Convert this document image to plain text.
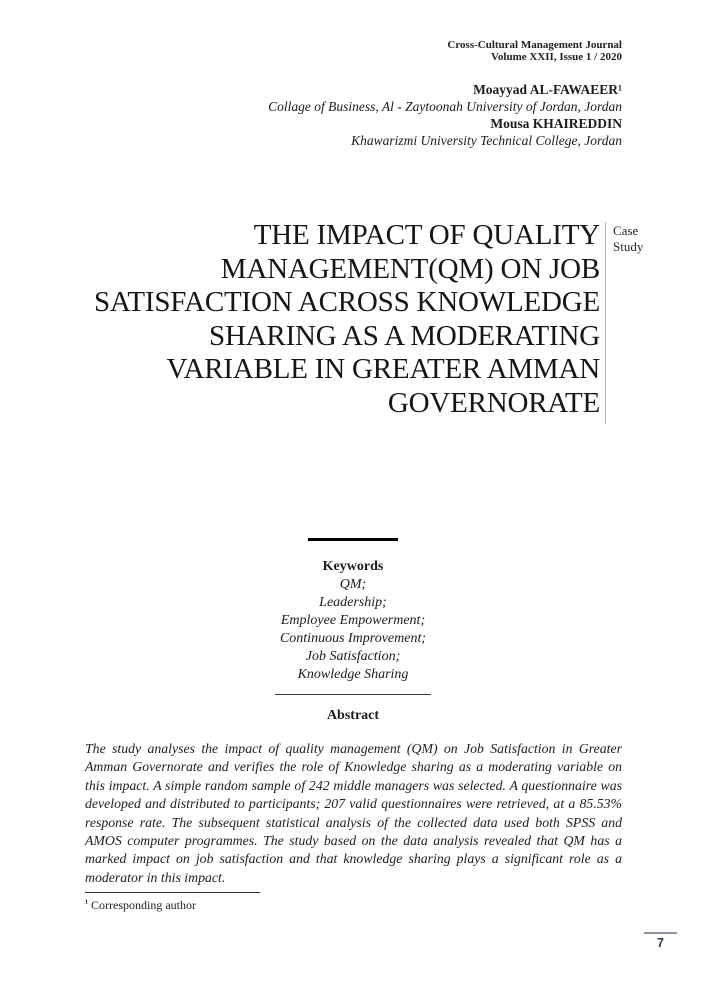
Cross-Cultural Management Journal
Volume XXII, Issue 1 / 2020
Moayyad AL-FAWAEER¹
Collage of Business, Al - Zaytoonah University of Jordan, Jordan
Mousa KHAIREDDIN
Khawarizmi University Technical College, Jordan
THE IMPACT OF QUALITY
MANAGEMENT(QM) ON JOB
SATISFACTION ACROSS KNOWLEDGE
SHARING AS A MODERATING
VARIABLE IN GREATER AMMAN
GOVERNORATE
Case
Study
Keywords
QM;
Leadership;
Employee Empowerment;
Continuous Improvement;
Job Satisfaction;
Knowledge Sharing
Abstract

The study analyses the impact of quality management (QM) on Job Satisfaction in Greater Amman Governorate and verifies the role of Knowledge sharing as a moderating variable on this impact. A simple random sample of 242 middle managers was selected. A questionnaire was developed and distributed to participants; 207 valid questionnaires were retrieved, at a 85.53% response rate. The subsequent statistical analysis of the collected data used both SPSS and AMOS computer programmes. The study based on the data analysis revealed that QM has a marked impact on job satisfaction and that knowledge sharing plays a significant role as a moderator in this impact.

$^{^1}$ Corresponding author
7
